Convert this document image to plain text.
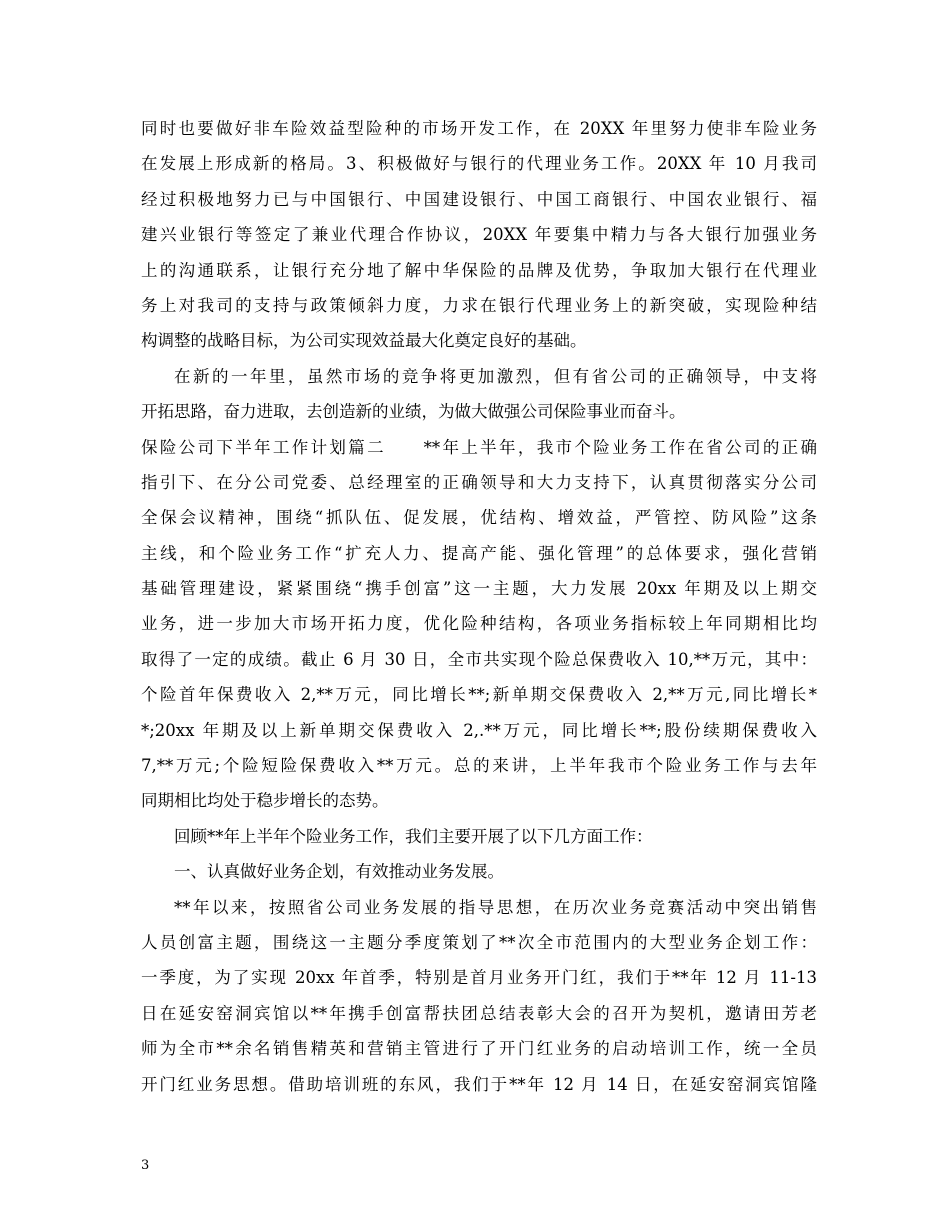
同时也要做好非车险效益型险种的市场开发工作，在 20XX 年里努力使非车险业务
在发展上形成新的格局。3、积极做好与银行的代理业务工作。20XX 年 10 月我司
经过积极地努力已与中国银行、中国建设银行、中国工商银行、中国农业银行、福
建兴业银行等签定了兼业代理合作协议，20XX 年要集中精力与各大银行加强业务
上的沟通联系，让银行充分地了解中华保险的品牌及优势，争取加大银行在代理业
务上对我司的支持与政策倾斜力度，力求在银行代理业务上的新突破，实现险种结
构调整的战略目标，为公司实现效益最大化奠定良好的基础。
在新的一年里，虽然市场的竞争将更加激烈，但有省公司的正确领导，中支将
开拓思路，奋力进取，去创造新的业绩，为做大做强公司保险事业而奋斗。
保险公司下半年工作计划篇二　　**年上半年，我市个险业务工作在省公司的正确
指引下、在分公司党委、总经理室的正确领导和大力支持下，认真贯彻落实分公司
全保会议精神，围绕“抓队伍、促发展，优结构、增效益，严管控、防风险”这条
主线，和个险业务工作“扩充人力、提高产能、强化管理”的总体要求，强化营销
基础管理建设，紧紧围绕“携手创富”这一主题，大力发展 20xx 年期及以上期交
业务，进一步加大市场开拓力度，优化险种结构，各项业务指标较上年同期相比均
取得了一定的成绩。截止 6 月 30 日，全市共实现个险总保费收入 10,**万元，其中：
个险首年保费收入 2,**万元，同比增长**;新单期交保费收入 2,**万元,同比增长*
*;20xx 年期及以上新单期交保费收入 2,.**万元，同比增长**;股份续期保费收入
7,**万元;个险短险保费收入**万元。总的来讲，上半年我市个险业务工作与去年
同期相比均处于稳步增长的态势。
回顾**年上半年个险业务工作，我们主要开展了以下几方面工作：
一、认真做好业务企划，有效推动业务发展。
**年以来，按照省公司业务发展的指导思想，在历次业务竞赛活动中突出销售
人员创富主题，围绕这一主题分季度策划了**次全市范围内的大型业务企划工作：
一季度，为了实现 20xx 年首季，特别是首月业务开门红，我们于**年 12 月 11-13
日在延安窑洞宾馆以**年携手创富帮扶团总结表彰大会的召开为契机，邀请田芳老
师为全市**余名销售精英和营销主管进行了开门红业务的启动培训工作，统一全员
开门红业务思想。借助培训班的东风，我们于**年 12 月 14 日，在延安窑洞宾馆隆
3
